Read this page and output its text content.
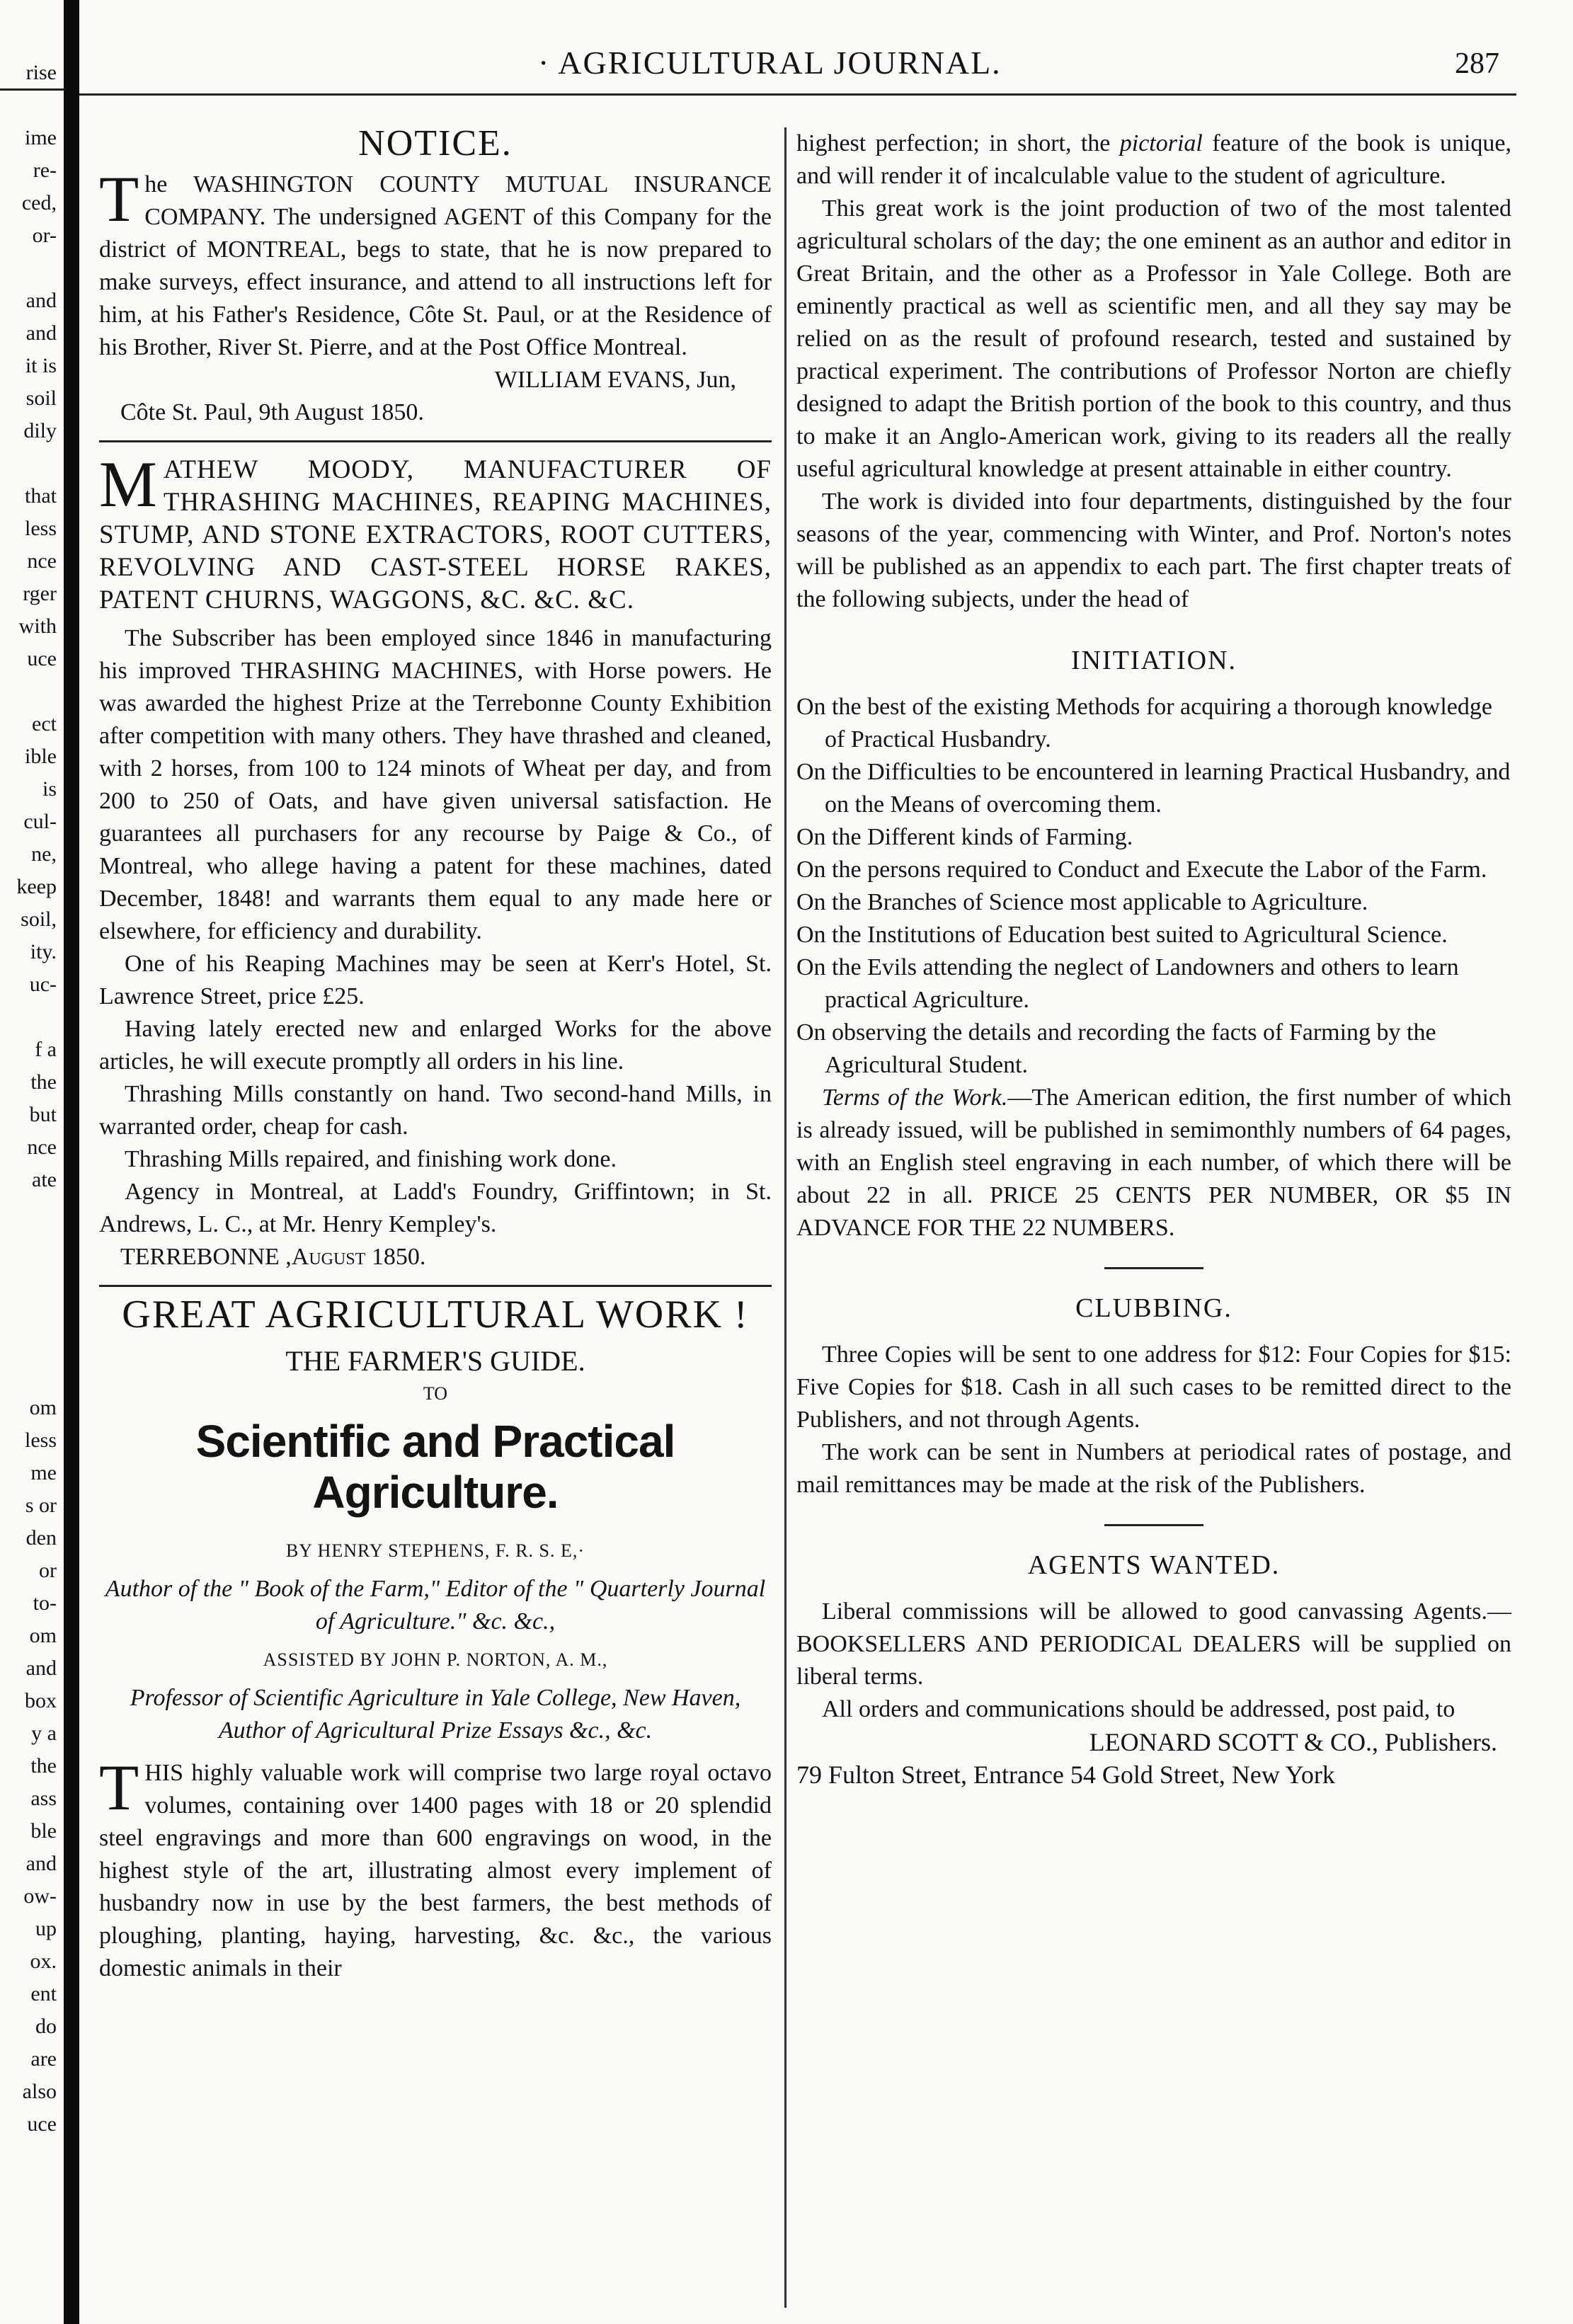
rise
ime
re-
ced,
or-
and
and
it is
soil
dily
that
less
nce
rger
with
uce
ect
ible
is
cul-
ne,
keep
soil,
ity.
uc-
f a
the
but
nce
ate
om
less
me
s or
den
or
to-
om
and
box
y a
the
ass
ble
and
ow-
up
ox.
ent
do
are
also
uce
· AGRICULTURAL JOURNAL.	287
NOTICE.
The WASHINGTON COUNTY MUTUAL INSURANCE COMPANY. The undersigned AGENT of this Company for the district of MONTREAL, begs to state, that he is now prepared to make surveys, effect insurance, and attend to all instructions left for him, at his Father's Residence, Côte St. Paul, or at the Residence of his Brother, River St. Pierre, and at the Post Office Montreal.
WILLIAM EVANS, Jun,
Côte St. Paul, 9th August 1850.
MATHEW MOODY, MANUFACTURER OF THRASHING MACHINES, REAPING MACHINES, STUMP, AND STONE EXTRACTORS, ROOT CUTTERS, REVOLVING AND CAST-STEEL HORSE RAKES, PATENT CHURNS, WAGGONS, &C. &C. &C.

The Subscriber has been employed since 1846 in manufacturing his improved THRASHING MACHINES, with Horse powers. He was awarded the highest Prize at the Terrebonne County Exhibition after competition with many others. They have thrashed and cleaned, with 2 horses, from 100 to 124 minots of Wheat per day, and from 200 to 250 of Oats, and have given universal satisfaction. He guarantees all purchasers for any recourse by Paige & Co., of Montreal, who allege having a patent for these machines, dated December, 1848! and warrants them equal to any made here or elsewhere, for efficiency and durability.

One of his Reaping Machines may be seen at Kerr's Hotel, St. Lawrence Street, price £25.

Having lately erected new and enlarged Works for the above articles, he will execute promptly all orders in his line.

Thrashing Mills constantly on hand. Two second-hand Mills, in warranted order, cheap for cash.

Thrashing Mills repaired, and finishing work done.

Agency in Montreal, at Ladd's Foundry, Griffintown; in St. Andrews, L. C., at Mr. Henry Kempley's.

TERREBONNE ,August 1850.

GREAT AGRICULTURAL WORK !
THE FARMER'S GUIDE.
TO
Scientific and Practical Agriculture.
BY HENRY STEPHENS, F. R. S. E,·
Author of the " Book of the Farm," Editor of the " Quarterly Journal of Agriculture." &c. &c.,
ASSISTED BY JOHN P. NORTON, A. M.,
Professor of Scientific Agriculture in Yale College, New Haven, Author of Agricultural Prize Essays &c., &c.
THIS highly valuable work will comprise two large royal octavo volumes, containing over 1400 pages with 18 or 20 splendid steel engravings and more than 600 engravings on wood, in the highest style of the art, illustrating almost every implement of husbandry now in use by the best farmers, the best methods of ploughing, planting, haying, harvesting, &c. &c., the various domestic animals in their

highest perfection; in short, the pictorial feature of the book is unique, and will render it of incalculable value to the student of agriculture.

This great work is the joint production of two of the most talented agricultural scholars of the day; the one eminent as an author and editor in Great Britain, and the other as a Professor in Yale College. Both are eminently practical as well as scientific men, and all they say may be relied on as the result of profound research, tested and sustained by practical experiment. The contributions of Professor Norton are chiefly designed to adapt the British portion of the book to this country, and thus to make it an Anglo-American work, giving to its readers all the really useful agricultural knowledge at present attainable in either country.

The work is divided into four departments, distinguished by the four seasons of the year, commencing with Winter, and Prof. Norton's notes will be published as an appendix to each part. The first chapter treats of the following subjects, under the head of

INITIATION.

On the best of the existing Methods for acquiring a thorough knowledge of Practical Husbandry.

On the Difficulties to be encountered in learning Practical Husbandry, and on the Means of overcoming them.

On the Different kinds of Farming.

On the persons required to Conduct and Execute the Labor of the Farm.

On the Branches of Science most applicable to Agriculture.

On the Institutions of Education best suited to Agricultural Science.

On the Evils attending the neglect of Landowners and others to learn practical Agriculture.

On observing the details and recording the facts of Farming by the Agricultural Student.

Terms of the Work.—The American edition, the first number of which is already issued, will be published in semimonthly numbers of 64 pages, with an English steel engraving in each number, of which there will be about 22 in all. PRICE 25 CENTS PER NUMBER, OR $5 IN ADVANCE FOR THE 22 NUMBERS.

CLUBBING.

Three Copies will be sent to one address for $12: Four Copies for $15: Five Copies for $18. Cash in all such cases to be remitted direct to the Publishers, and not through Agents.

The work can be sent in Numbers at periodical rates of postage, and mail remittances may be made at the risk of the Publishers.

AGENTS WANTED.

Liberal commissions will be allowed to good canvassing Agents.—BOOKSELLERS AND PERIODICAL DEALERS will be supplied on liberal terms.

All orders and communications should be addressed, post paid, to

LEONARD SCOTT & CO., Publishers.
79 Fulton Street, Entrance 54 Gold Street, New York
